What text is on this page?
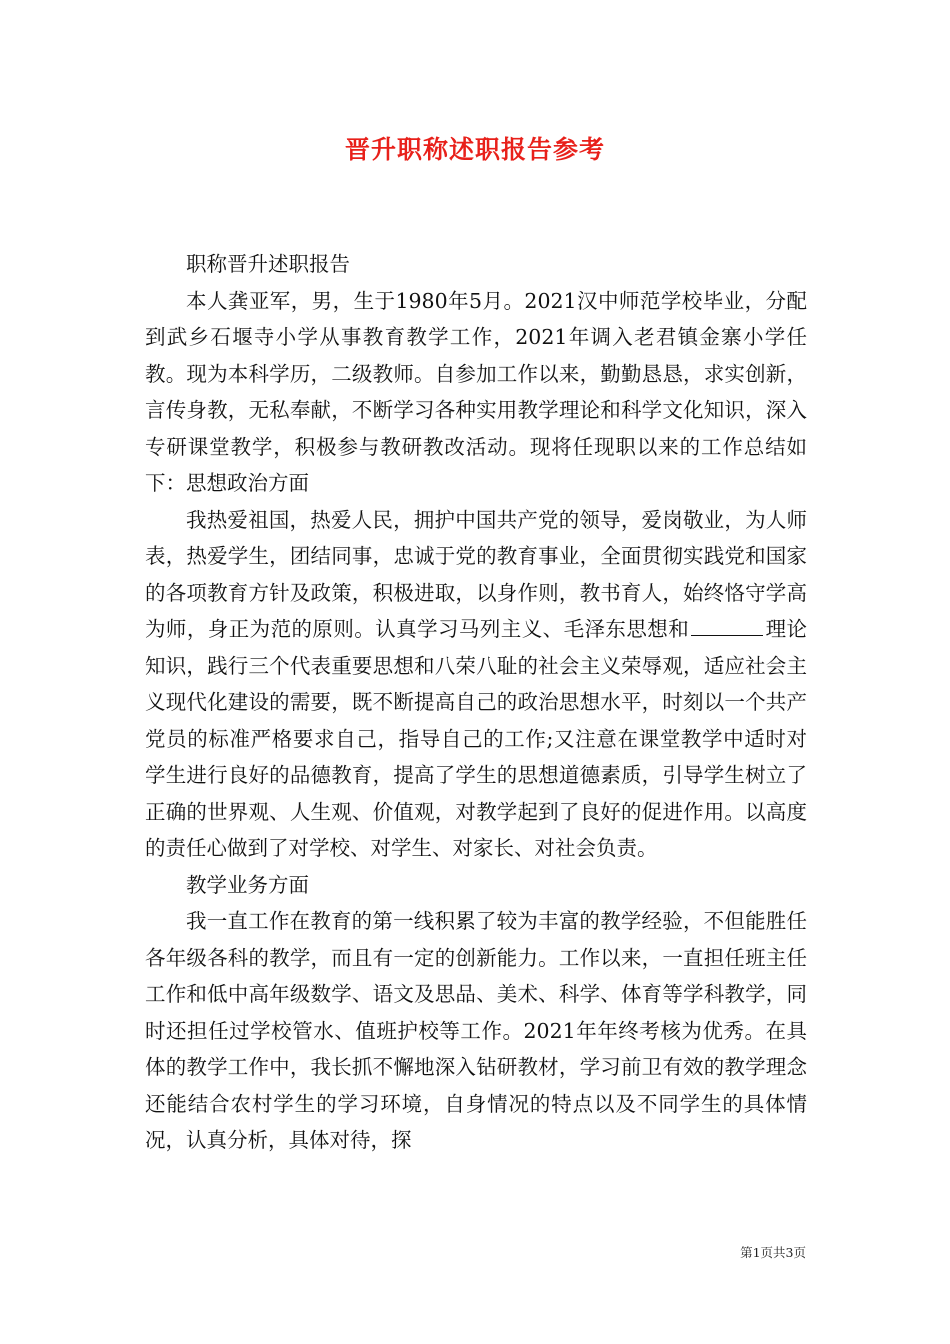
晋升职称述职报告参考

职称晋升述职报告

本人龚亚军，男，生于1980年5月。2021汉中师范学校毕业，分配到武乡石堰寺小学从事教育教学工作，2021年调入老君镇金寨小学任教。现为本科学历，二级教师。自参加工作以来，勤勤恳恳，求实创新，言传身教，无私奉献，不断学习各种实用教学理论和科学文化知识，深入专研课堂教学，积极参与教研教改活动。现将任现职以来的工作总结如下：思想政治方面

我热爱祖国，热爱人民，拥护中国共产党的领导，爱岗敬业，为人师表，热爱学生，团结同事，忠诚于党的教育事业，全面贯彻实践党和国家的各项教育方针及政策，积极进取，以身作则，教书育人，始终恪守学高为师，身正为范的原则。认真学习马列主义、毛泽东思想和	理论知识，践行三个代表重要思想和八荣八耻的社会主义荣辱观，适应社会主义现代化建设的需要，既不断提高自己的政治思想水平，时刻以一个共产党员的标准严格要求自己，指导自己的工作;又注意在课堂教学中适时对学生进行良好的品德教育，提高了学生的思想道德素质，引导学生树立了正确的世界观、人生观、价值观，对教学起到了良好的促进作用。以高度的责任心做到了对学校、对学生、对家长、对社会负责。

教学业务方面

我一直工作在教育的第一线积累了较为丰富的教学经验，不但能胜任各年级各科的教学，而且有一定的创新能力。工作以来，一直担任班主任工作和低中高年级数学、语文及思品、美术、科学、体育等学科教学，同时还担任过学校管水、值班护校等工作。2021年年终考核为优秀。在具体的教学工作中，我长抓不懈地深入钻研教材，学习前卫有效的教学理念还能结合农村学生的学习环境，自身情况的特点以及不同学生的具体情况，认真分析，具体对待，探

第1页共3页
